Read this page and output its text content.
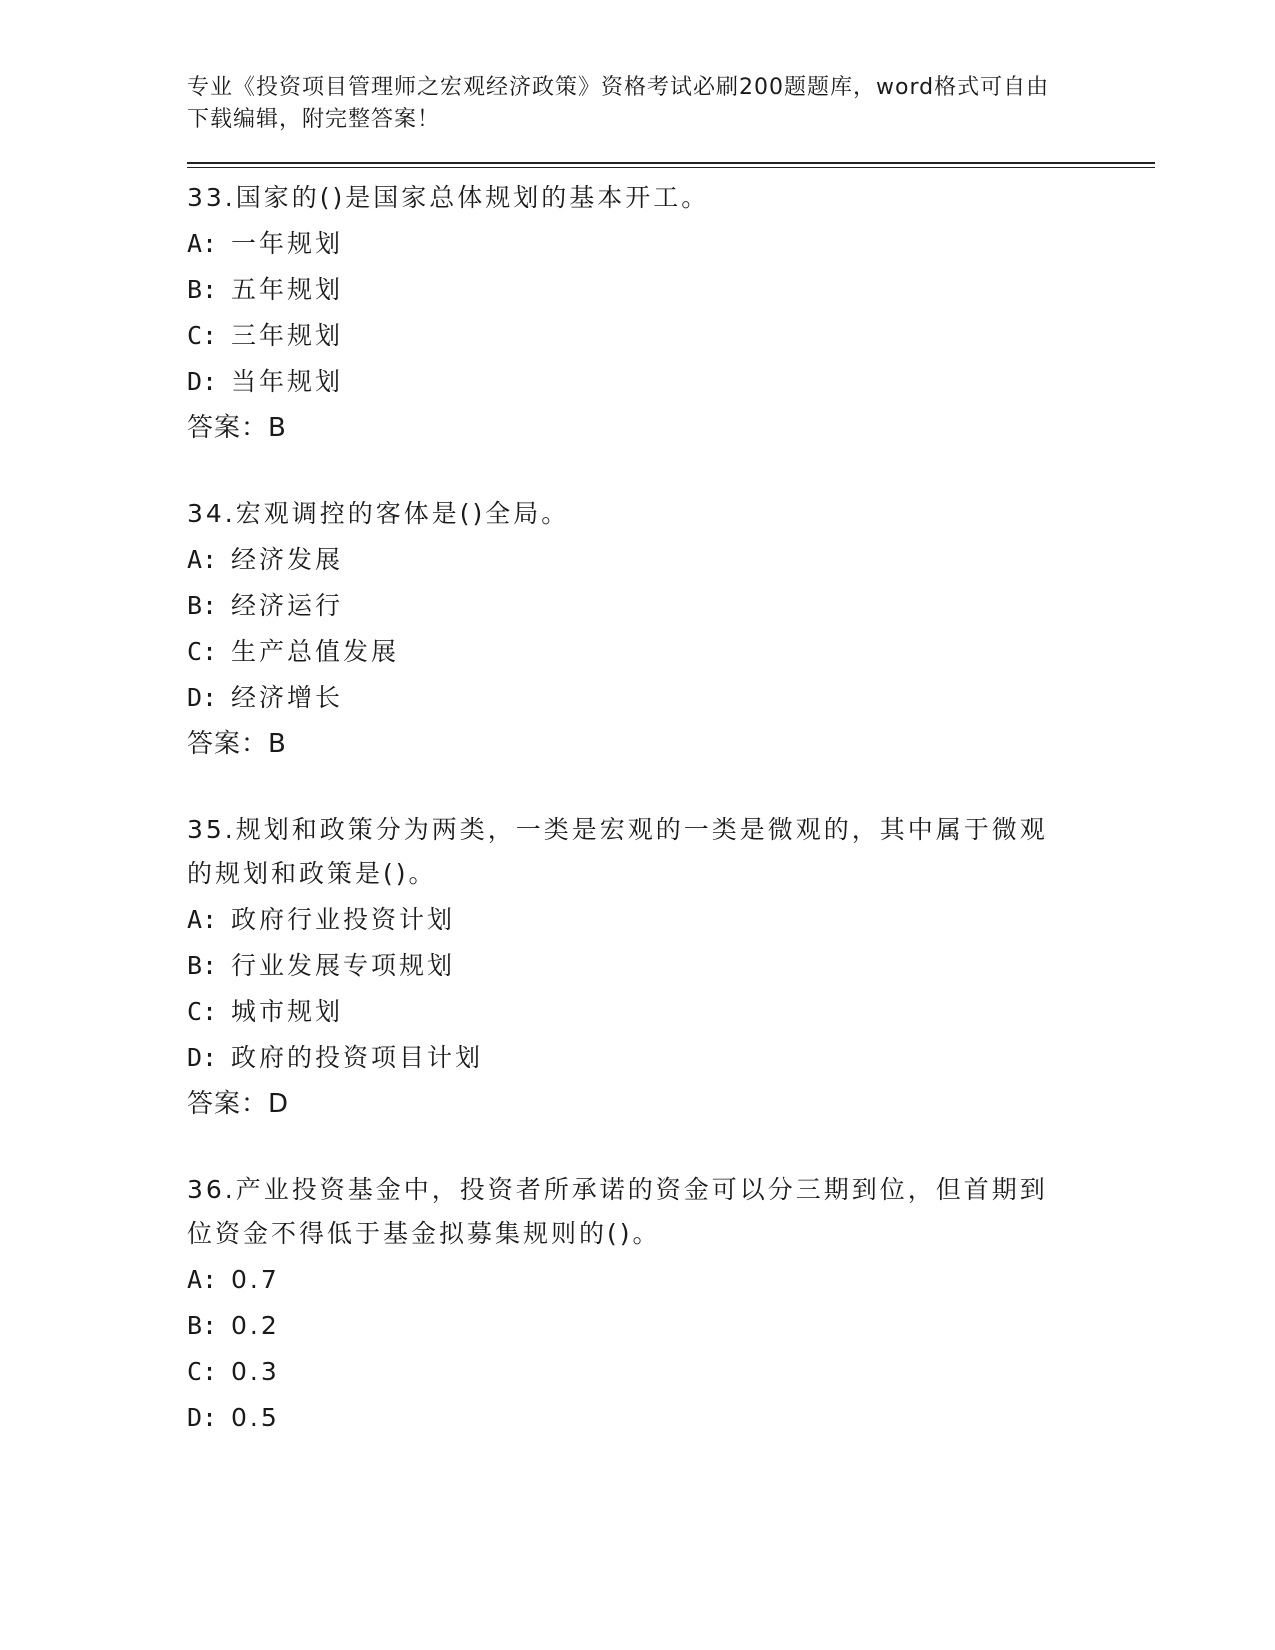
专业《投资项目管理师之宏观经济政策》资格考试必刷200题题库，word格式可自由下载编辑，附完整答案！

33.国家的()是国家总体规划的基本开工。

A: 一年规划

B: 五年规划

C: 三年规划

D: 当年规划

答案：B

34.宏观调控的客体是()全局。

A: 经济发展

B: 经济运行

C: 生产总值发展

D: 经济增长

答案：B

35.规划和政策分为两类，一类是宏观的一类是微观的，其中属于微观的规划和政策是()。

A: 政府行业投资计划

B: 行业发展专项规划

C: 城市规划

D: 政府的投资项目计划

答案：D

36.产业投资基金中，投资者所承诺的资金可以分三期到位，但首期到位资金不得低于基金拟募集规则的()。

A: 0.7

B: 0.2

C: 0.3

D: 0.5
